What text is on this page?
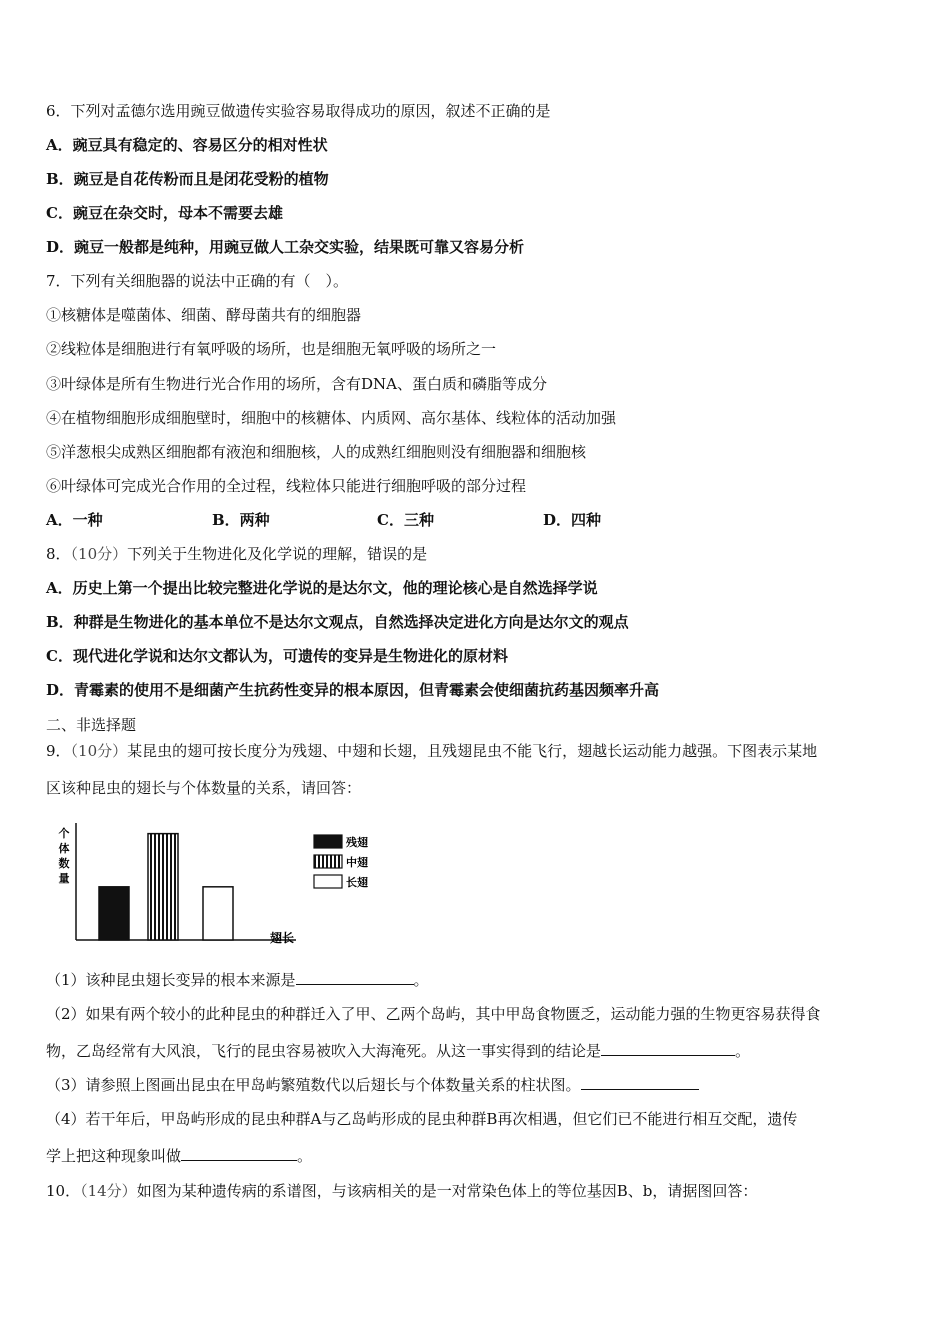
6．下列对孟德尔选用豌豆做遗传实验容易取得成功的原因，叙述不正确的是
A．豌豆具有稳定的、容易区分的相对性状
B．豌豆是自花传粉而且是闭花受粉的植物
C．豌豆在杂交时，母本不需要去雄
D．豌豆一般都是纯种，用豌豆做人工杂交实验，结果既可靠又容易分析
7．下列有关细胞器的说法中正确的有（　）。
①核糖体是噬菌体、细菌、酵母菌共有的细胞器
②线粒体是细胞进行有氧呼吸的场所，也是细胞无氧呼吸的场所之一
③叶绿体是所有生物进行光合作用的场所，含有DNA、蛋白质和磷脂等成分
④在植物细胞形成细胞壁时，细胞中的核糖体、内质网、高尔基体、线粒体的活动加强
⑤洋葱根尖成熟区细胞都有液泡和细胞核，人的成熟红细胞则没有细胞器和细胞核
⑥叶绿体可完成光合作用的全过程，线粒体只能进行细胞呼吸的部分过程
A．一种	B．两种	C．三种	D．四种
8．（10分）下列关于生物进化及化学说的理解，错误的是
A．历史上第一个提出比较完整进化学说的是达尔文，他的理论核心是自然选择学说
B．种群是生物进化的基本单位不是达尔文观点，自然选择决定进化方向是达尔文的观点
C．现代进化学说和达尔文都认为，可遗传的变异是生物进化的原材料
D．青霉素的使用不是细菌产生抗药性变异的根本原因，但青霉素会使细菌抗药基因频率升高
二、非选择题
9．（10分）某昆虫的翅可按长度分为残翅、中翅和长翅，且残翅昆虫不能飞行，翅越长运动能力越强。下图表示某地
区该种昆虫的翅长与个体数量的关系，请回答：
个
体
数
量
翅长
残翅
中翅
长翅
（1）该种昆虫翅长变异的根本来源是	。
（2）如果有两个较小的此种昆虫的种群迁入了甲、乙两个岛屿，其中甲岛食物匮乏，运动能力强的生物更容易获得食
物，乙岛经常有大风浪，飞行的昆虫容易被吹入大海淹死。从这一事实得到的结论是	。
（3）请参照上图画出昆虫在甲岛屿繁殖数代以后翅长与个体数量关系的柱状图。
（4）若干年后，甲岛屿形成的昆虫种群A与乙岛屿形成的昆虫种群B再次相遇，但它们已不能进行相互交配，遗传
学上把这种现象叫做	。
10．（14分）如图为某种遗传病的系谱图，与该病相关的是一对常染色体上的等位基因B、b，请据图回答：
